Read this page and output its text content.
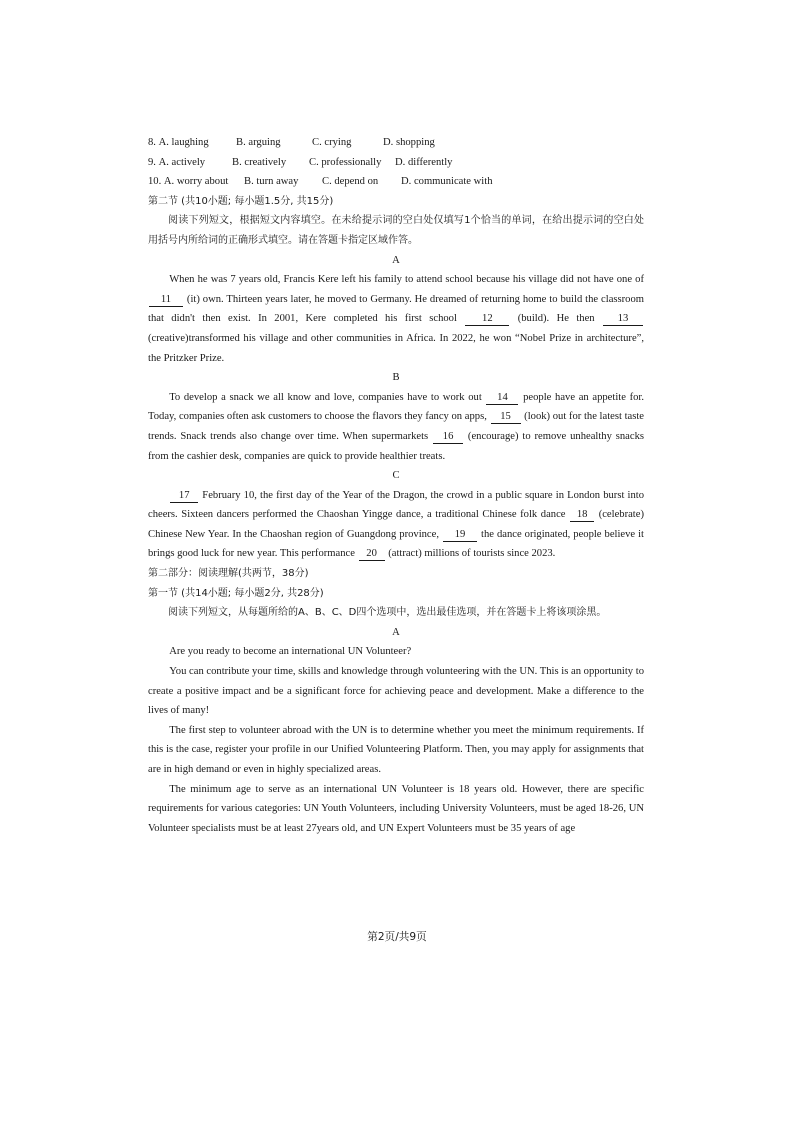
8. A. laughing	B. arguing	C. crying	D. shopping
9. A. actively	B. creatively	C. professionally	D. differently
10. A. worry about	B. turn away	C. depend on	D. communicate with
第二节 (共10小题; 每小题1.5分, 共15分)

阅读下列短文，根据短文内容填空。在未给提示词的空白处仅填写1个恰当的单词，在给出提示词的空白处用括号内所给词的正确形式填空。请在答题卡指定区域作答。

A

When he was 7 years old, Francis Kere left his family to attend school because his village did not have one of 11 (it) own. Thirteen years later, he moved to Germany. He dreamed of returning home to build the classroom that didn't then exist. In 2001, Kere completed his first school 12 (build). He then 13 (creative)transformed his village and other communities in Africa. In 2022, he won “Nobel Prize in architecture”, the Pritzker Prize.

B

To develop a snack we all know and love, companies have to work out 14 people have an appetite for. Today, companies often ask customers to choose the flavors they fancy on apps, 15 (look) out for the latest taste trends. Snack trends also change over time. When supermarkets 16 (encourage) to remove unhealthy snacks from the cashier desk, companies are quick to provide healthier treats.

C

17 February 10, the first day of the Year of the Dragon, the crowd in a public square in London burst into cheers. Sixteen dancers performed the Chaoshan Yingge dance, a traditional Chinese folk dance 18 (celebrate) Chinese New Year. In the Chaoshan region of Guangdong province, 19 the dance originated, people believe it brings good luck for new year. This performance 20 (attract) millions of tourists since 2023.

第二部分：阅读理解(共两节，38分)
第一节 (共14小题; 每小题2分, 共28分)

阅读下列短文，从每题所给的A、B、C、D四个选项中，选出最佳选项，并在答题卡上将该项涂黑。

A
Are you ready to become an international UN Volunteer?

You can contribute your time, skills and knowledge through volunteering with the UN. This is an opportunity to create a positive impact and be a significant force for achieving peace and development. Make a difference to the lives of many!

The first step to volunteer abroad with the UN is to determine whether you meet the minimum requirements. If this is the case, register your profile in our Unified Volunteering Platform. Then, you may apply for assignments that are in high demand or even in highly specialized areas.

The minimum age to serve as an international UN Volunteer is 18 years old. However, there are specific requirements for various categories: UN Youth Volunteers, including University Volunteers, must be aged 18-26, UN Volunteer specialists must be at least 27years old, and UN Expert Volunteers must be 35 years of age

第2页/共9页
